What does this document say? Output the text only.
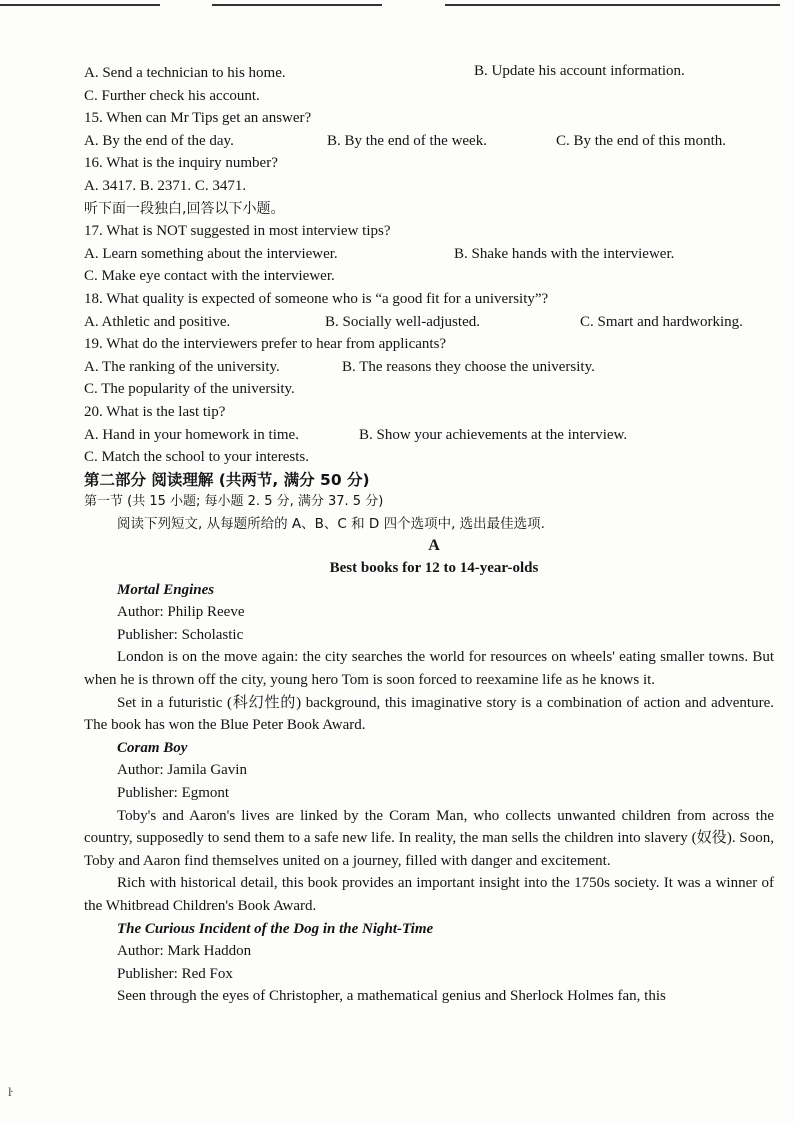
A. Send a technician to his home.	B. Update his account information.
C. Further check his account.
15. When can Mr Tips get an answer?
A. By the end of the day.	B. By the end of the week.	C. By the end of this month.
16. What is the inquiry number?
A. 3417. B. 2371. C. 3471.
听下面一段独白,回答以下小题。
17. What is NOT suggested in most interview tips?
A. Learn something about the interviewer.	B. Shake hands with the interviewer.
C. Make eye contact with the interviewer.
18. What quality is expected of someone who is “a good fit for a university”?
A. Athletic and positive.	B. Socially well-adjusted.	C. Smart and hardworking.
19. What do the interviewers prefer to hear from applicants?
A. The ranking of the university.	B. The reasons they choose the university.
C. The popularity of the university.
20. What is the last tip?
A. Hand in your homework in time.	B. Show your achievements at the interview.
C. Match the school to your interests.
第二部分 阅读理解 (共两节, 满分 50 分)
第一节 (共 15 小题; 每小题 2. 5 分, 满分 37. 5 分)
阅读下列短文, 从每题所给的 A、B、C 和 D 四个选项中, 选出最佳选项.
A
Best books for 12 to 14-year-olds
Mortal Engines
Author: Philip Reeve
Publisher: Scholastic

London is on the move again: the city searches the world for resources on wheels' eating smaller towns. But when he is thrown off the city, young hero Tom is soon forced to reexamine life as he knows it.

Set in a futuristic (科幻性的) background, this imaginative story is a combination of action and adventure. The book has won the Blue Peter Book Award.

Coram Boy
Author: Jamila Gavin
Publisher: Egmont

Toby's and Aaron's lives are linked by the Coram Man, who collects unwanted children from across the country, supposedly to send them to a safe new life. In reality, the man sells the children into slavery (奴役). Soon, Toby and Aaron find themselves united on a journey, filled with danger and excitement.

Rich with historical detail, this book provides an important insight into the 1750s society. It was a winner of the Whitbread Children's Book Award.

The Curious Incident of the Dog in the Night-Time
Author: Mark Haddon
Publisher: Red Fox

Seen through the eyes of Christopher, a mathematical genius and Sherlock Holmes fan, this

ŀ
